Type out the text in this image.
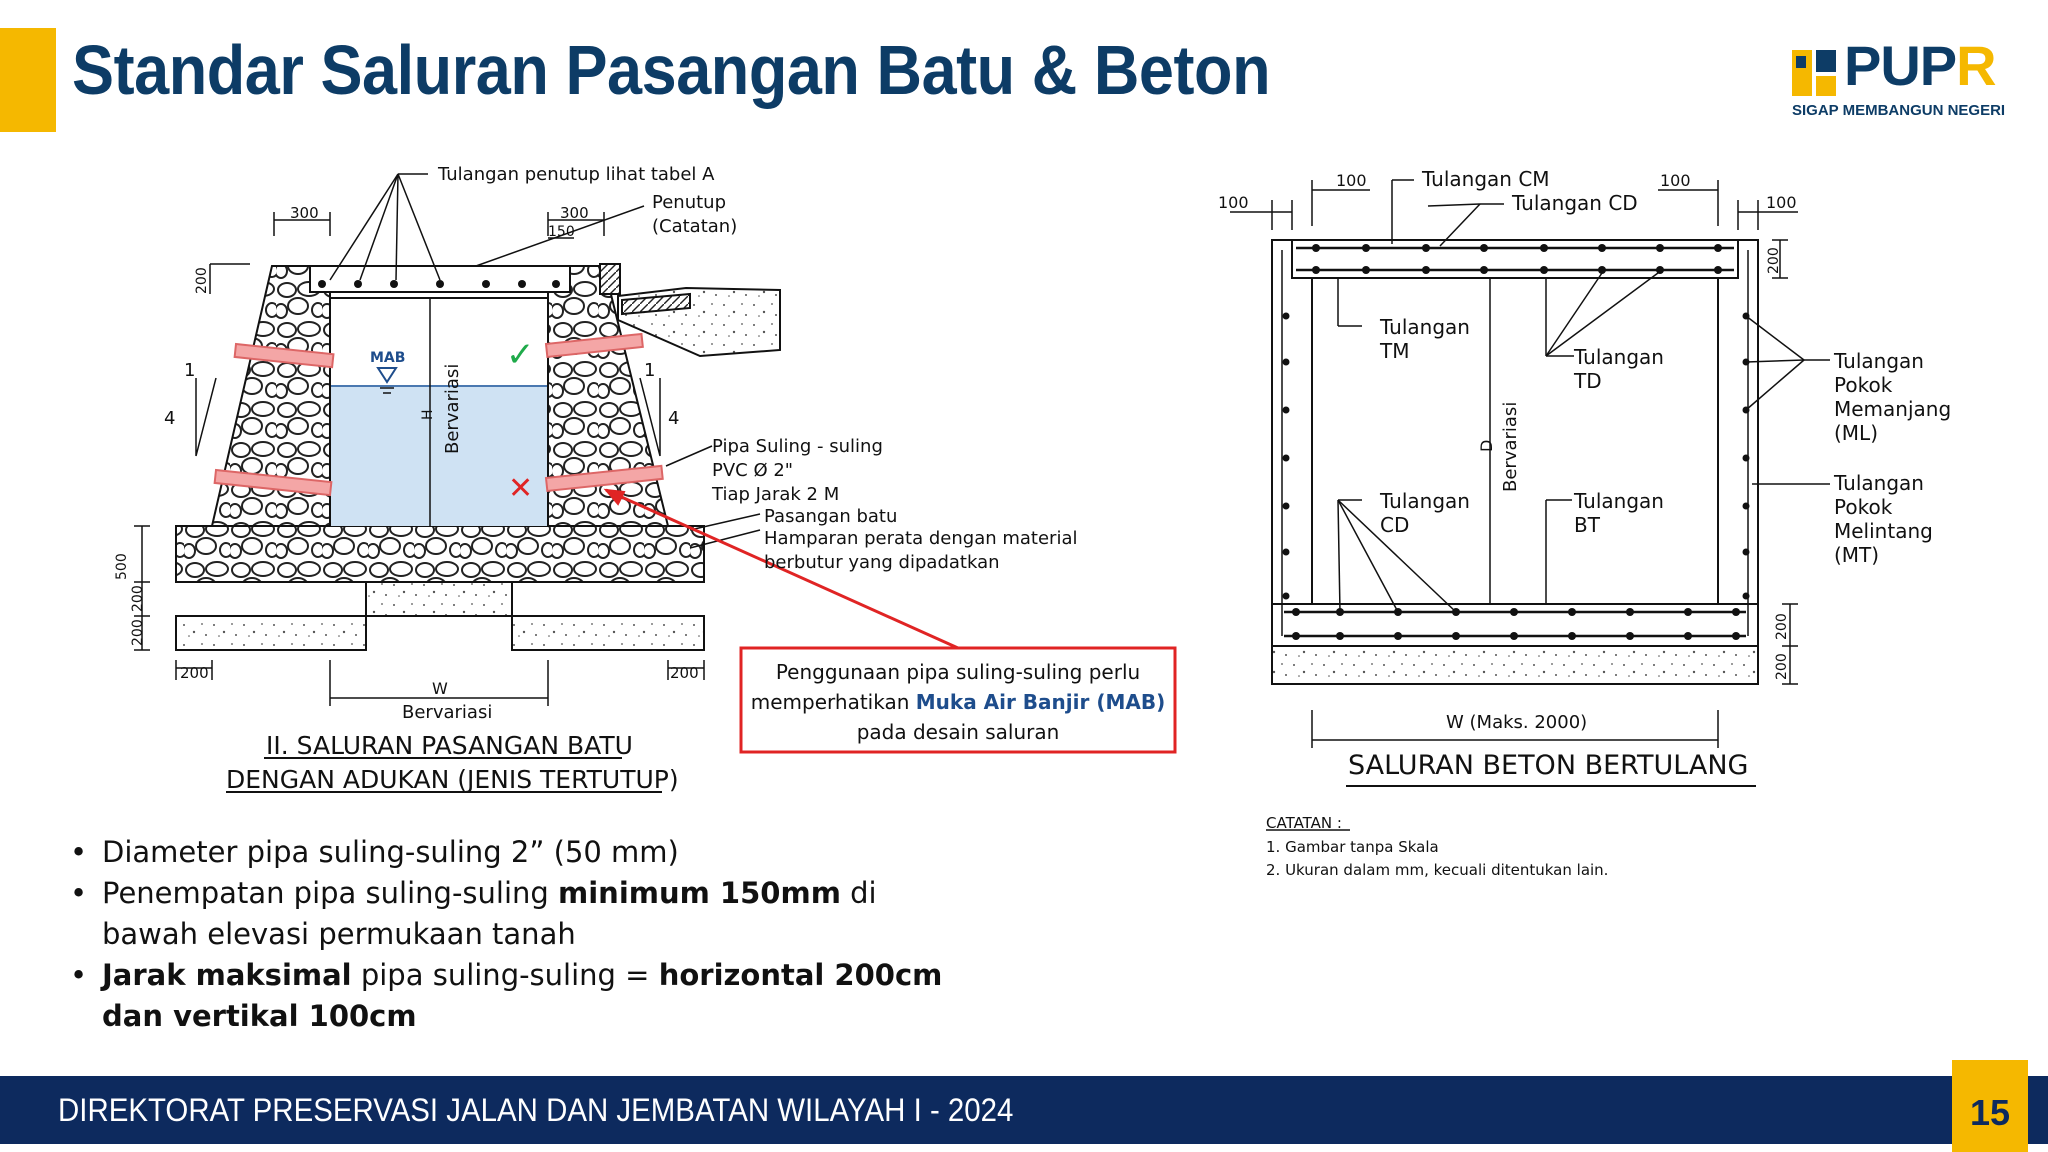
Standar Saluran Pasangan Batu & Beton	PUPR
SIGAP MEMBANGUN NEGERI
Tulangan penutup lihat tabel A
Penutup
(Catatan)
300	300
150
200
MAB
H Bervariasi
1
4
1
4
Pipa Suling - suling
PVC Ø 2"
Tiap Jarak 2 M
Pasangan batu
Hamparan perata dengan material
berbutur yang dipadatkan
500
200
200
200	200
W
Bervariasi
II. SALURAN PASANGAN BATU
DENGAN ADUKAN (JENIS TERTUTUP)
✓
✕
Penggunaan pipa suling-suling perlu
memperhatikan Muka Air Banjir (MAB)
pada desain saluran
100
100	100
100
Tulangan CM
Tulangan CD
200
Tulangan
TM	Tulangan
TD
Tulangan
Pokok
Memanjang
(ML)
D Bervariasi	Tulangan
Pokok
Melintang
(MT)
Tulangan
CD
Tulangan
BT
200
200
W (Maks. 2000)
SALURAN BETON BERTULANG
CATATAN :
1. Gambar tanpa Skala
2. Ukuran dalam mm, kecuali ditentukan lain.
• Diameter pipa suling-suling 2” (50 mm)
• Penempatan pipa suling-suling minimum 150mm di bawah elevasi permukaan tanah
• Jarak maksimal pipa suling-suling = horizontal 200cm dan vertikal 100cm
DIREKTORAT PRESERVASI JALAN DAN JEMBATAN WILAYAH I - 2024	15
